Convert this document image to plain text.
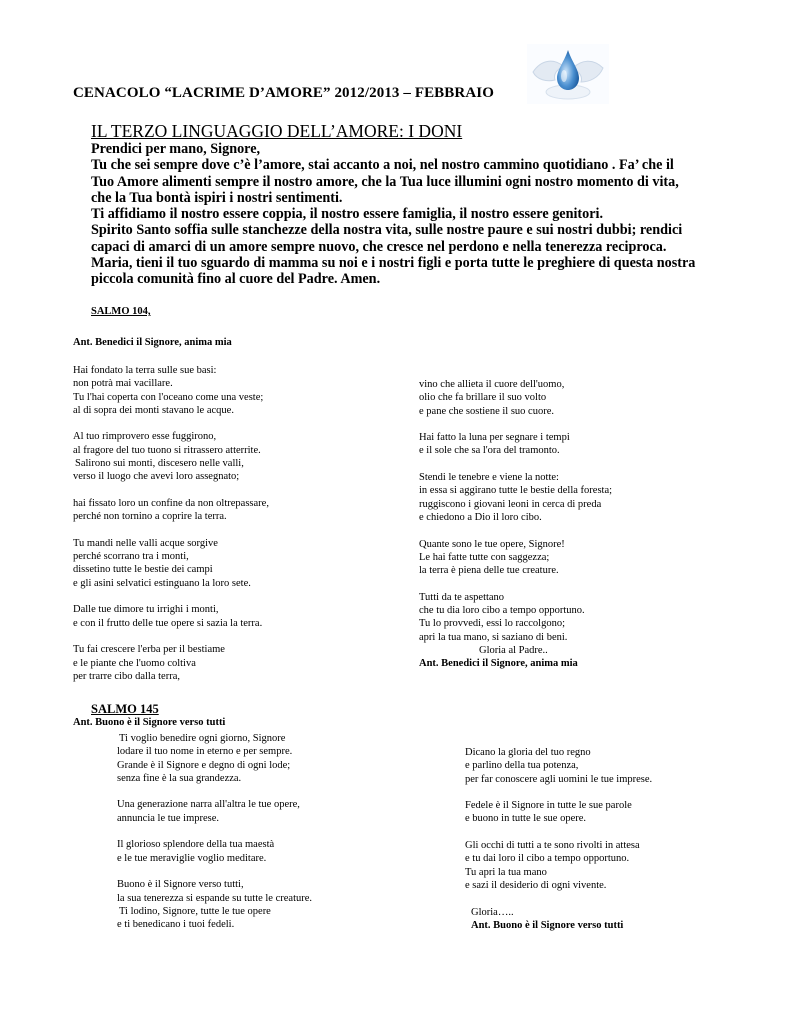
CENACOLO “LACRIME D’AMORE” 2012/2013 – FEBBRAIO
IL TERZO LINGUAGGIO DELL’AMORE: I DONI
Prendici per mano, Signore,
Tu che sei sempre dove c’è l’amore, stai accanto a noi, nel nostro cammino quotidiano . Fa’ che il
Tuo Amore alimenti sempre il nostro amore, che la Tua luce illumini ogni nostro momento di vita,
che la Tua bontà ispiri i nostri sentimenti.
Ti affidiamo il nostro essere coppia, il nostro essere famiglia, il nostro essere genitori.
Spirito Santo soffia sulle stanchezze della nostra vita, sulle nostre paure e sui nostri dubbi; rendici
capaci di amarci di un amore sempre nuovo, che cresce nel perdono e nella tenerezza reciproca.
Maria, tieni il tuo sguardo di mamma su noi e i nostri figli e porta tutte le preghiere di questa nostra
piccola comunità fino al cuore del Padre. Amen.
SALMO 104,
Ant. Benedici il Signore, anima mia
Hai fondato la terra sulle sue basi:
non potrà mai vacillare.
Tu l'hai coperta con l'oceano come una veste;
al di sopra dei monti stavano le acque.
Al tuo rimprovero esse fuggirono,
al fragore del tuo tuono si ritrassero atterrite.
Salirono sui monti, discesero nelle valli,
verso il luogo che avevi loro assegnato;
hai fissato loro un confine da non oltrepassare,
perché non tornino a coprire la terra.
Tu mandi nelle valli acque sorgive
perché scorrano tra i monti,
dissetino tutte le bestie dei campi
e gli asini selvatici estinguano la loro sete.
Dalle tue dimore tu irrighi i monti,
e con il frutto delle tue opere si sazia la terra.
Tu fai crescere l'erba per il bestiame
e le piante che l'uomo coltiva
per trarre cibo dalla terra,
vino che allieta il cuore dell'uomo,
olio che fa brillare il suo volto
e pane che sostiene il suo cuore.
Hai fatto la luna per segnare i tempi
e il sole che sa l'ora del tramonto.
Stendi le tenebre e viene la notte:
in essa si aggirano tutte le bestie della foresta;
ruggiscono i giovani leoni in cerca di preda
e chiedono a Dio il loro cibo.
Quante sono le tue opere, Signore!
Le hai fatte tutte con saggezza;
la terra è piena delle tue creature.
Tutti da te aspettano
che tu dia loro cibo a tempo opportuno.
Tu lo provvedi, essi lo raccolgono;
apri la tua mano, si saziano di beni.
Gloria al Padre..
Ant. Benedici il Signore, anima mia
SALMO 145
Ant. Buono è il Signore verso tutti
Ti voglio benedire ogni giorno, Signore
lodare il tuo nome in eterno e per sempre.
Grande è il Signore e degno di ogni lode;
senza fine è la sua grandezza.
Una generazione narra all'altra le tue opere,
annuncia le tue imprese.
Il glorioso splendore della tua maestà
e le tue meraviglie voglio meditare.
Buono è il Signore verso tutti,
la sua tenerezza si espande su tutte le creature.
Ti lodino, Signore, tutte le tue opere
e ti benedicano i tuoi fedeli.
Dicano la gloria del tuo regno
e parlino della tua potenza,
per far conoscere agli uomini le tue imprese.
Fedele è il Signore in tutte le sue parole
e buono in tutte le sue opere.
Gli occhi di tutti a te sono rivolti in attesa
e tu dai loro il cibo a tempo opportuno.
Tu apri la tua mano
e sazi il desiderio di ogni vivente.
Gloria…..
Ant. Buono è il Signore verso tutti
